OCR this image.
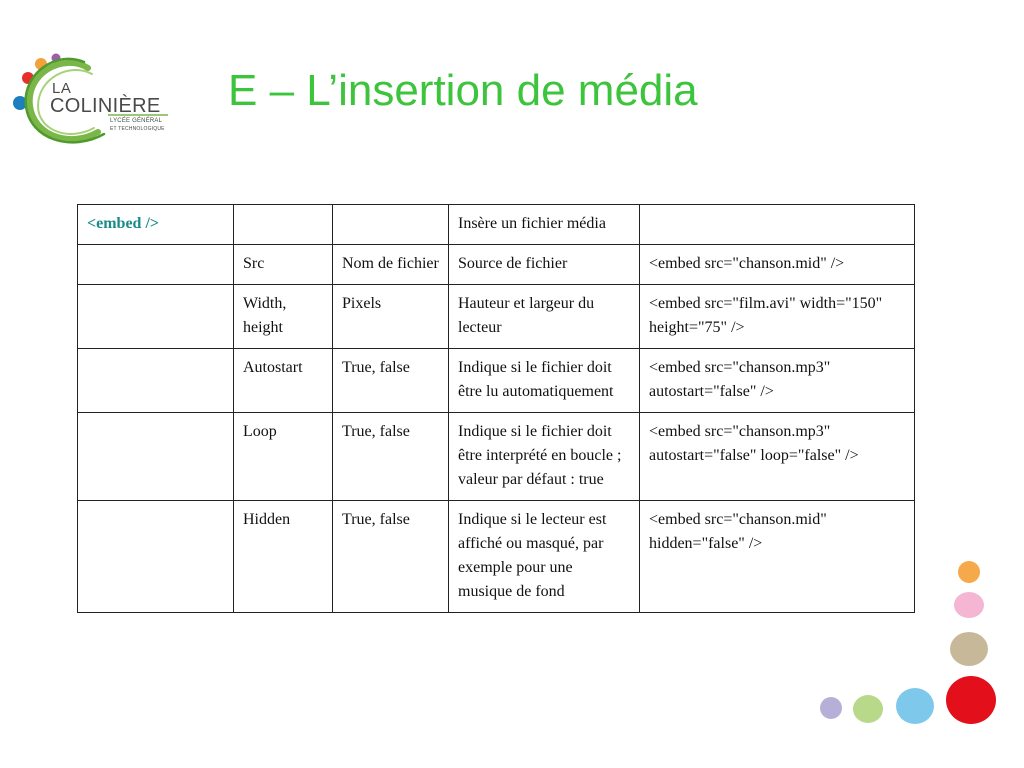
LA
COLINIÈRE
LYCÉE GÉNÉRAL
ET TECHNOLOGIQUE
E – L’insertion de média
<embed />			Insère un fichier média	
	Src	Nom de fichier	Source de fichier	<embed src="chanson.mid" />
	Width, height	Pixels	Hauteur et largeur du lecteur	<embed src="film.avi" width="150" height="75" />
	Autostart	True, false	Indique si le fichier doit être lu automatiquement	<embed src="chanson.mp3" autostart="false" />
	Loop	True, false	Indique si le fichier doit être interprété en boucle ; valeur par défaut : true	<embed src="chanson.mp3" autostart="false" loop="false" />
	Hidden	True, false	Indique si le lecteur est affiché ou masqué, par exemple pour une musique de fond	<embed src="chanson.mid" hidden="false" />
